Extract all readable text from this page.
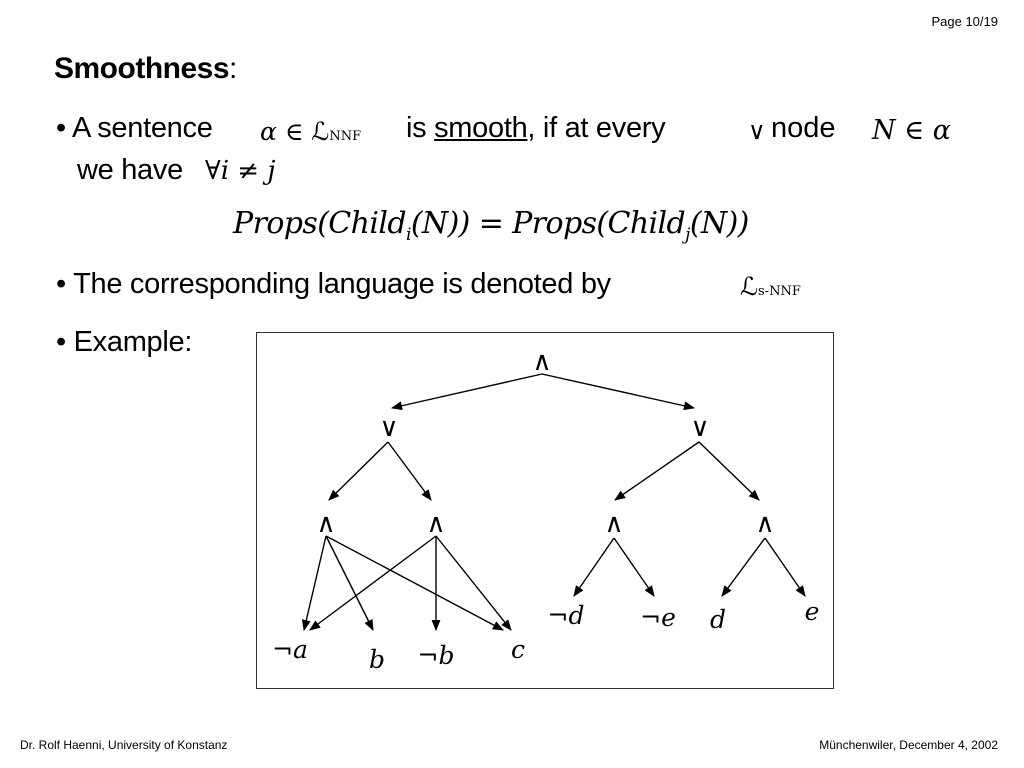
Page 10/19
Smoothness:
• A sentence α ∈ ℒNNF is smooth, if at every	∨ node N ∈ α
we have ∀i ≠ j
Props(Child$_i$(N)) = Props(Child$_j$(N))
• The corresponding language is denoted by	ℒs-NNF
• Example:
∧
∨	∨
∧	∧	∧	∧
¬a b ¬b c
¬d ¬e d	e
Dr. Rolf Haenni, University of Konstanz	Münchenwiler, December 4, 2002
